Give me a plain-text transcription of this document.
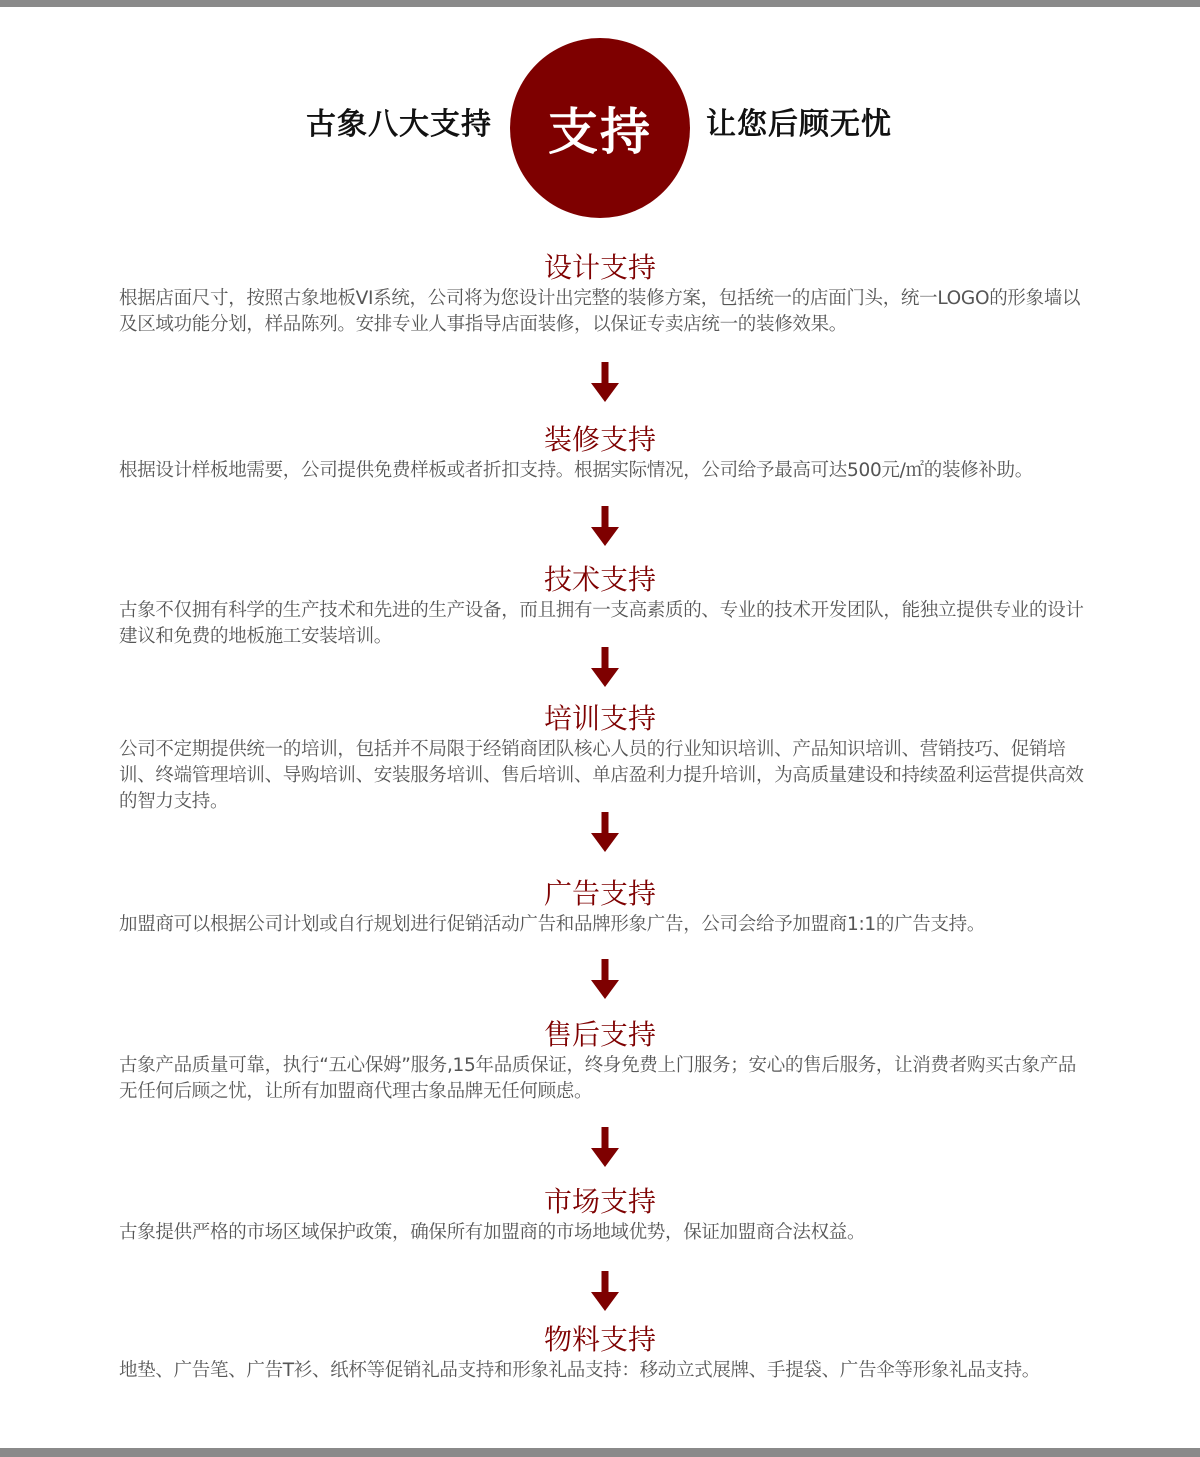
古象八大支持 支持 让您后顾无忧
设计支持

根据店面尺寸，按照古象地板VI系统，公司将为您设计出完整的装修方案，包括统一的店面门头，统一LOGO的形象墙以及区域功能分划，样品陈列。安排专业人事指导店面装修，以保证专卖店统一的装修效果。

装修支持

根据设计样板地需要，公司提供免费样板或者折扣支持。根据实际情况，公司给予最高可达500元/㎡的装修补助。

技术支持

古象不仅拥有科学的生产技术和先进的生产设备，而且拥有一支高素质的、专业的技术开发团队，能独立提供专业的设计建议和免费的地板施工安装培训。

培训支持

公司不定期提供统一的培训，包括并不局限于经销商团队核心人员的行业知识培训、产品知识培训、营销技巧、促销培训、终端管理培训、导购培训、安装服务培训、售后培训、单店盈利力提升培训，为高质量建设和持续盈利运营提供高效的智力支持。

广告支持

加盟商可以根据公司计划或自行规划进行促销活动广告和品牌形象广告，公司会给予加盟商1:1的广告支持。

售后支持

古象产品质量可靠，执行“五心保姆”服务,15年品质保证，终身免费上门服务；安心的售后服务，让消费者购买古象产品无任何后顾之忧，让所有加盟商代理古象品牌无任何顾虑。

市场支持

古象提供严格的市场区域保护政策，确保所有加盟商的市场地域优势，保证加盟商合法权益。

物料支持

地垫、广告笔、广告T衫、纸杯等促销礼品支持和形象礼品支持：移动立式展牌、手提袋、广告伞等形象礼品支持。
